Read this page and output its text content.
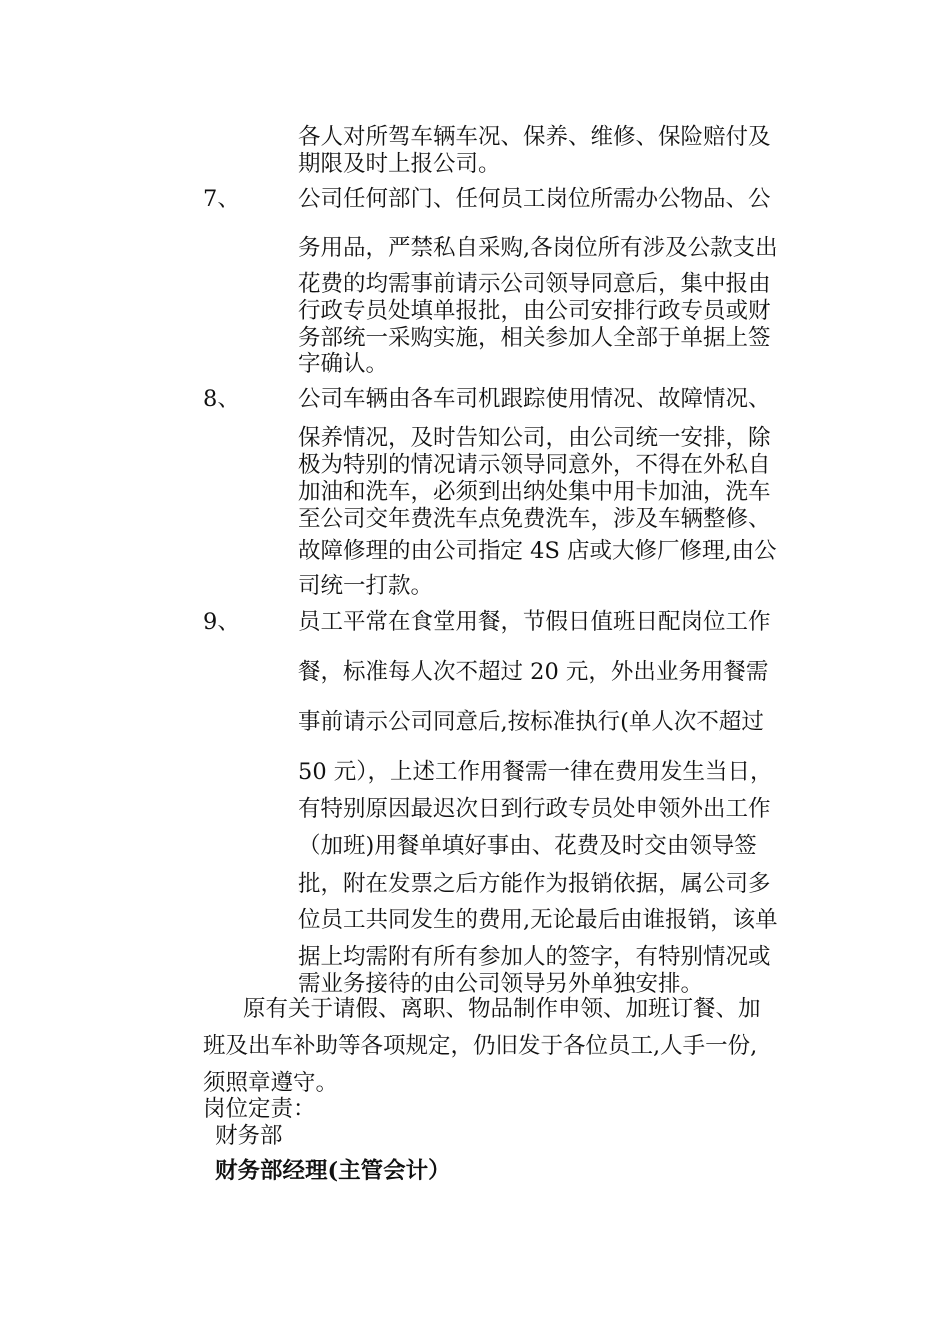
各人对所驾车辆车况、保养、维修、保险赔付及

期限及时上报公司。

7、	公司任何部门、任何员工岗位所需办公物品、公

务用品，严禁私自采购,各岗位所有涉及公款支出

花费的均需事前请示公司领导同意后，集中报由

行政专员处填单报批，由公司安排行政专员或财

务部统一采购实施，相关参加人全部于单据上签

字确认。

8、	公司车辆由各车司机跟踪使用情况、故障情况、

保养情况，及时告知公司，由公司统一安排，除

极为特别的情况请示领导同意外，不得在外私自

加油和洗车，必须到出纳处集中用卡加油，洗车

至公司交年费洗车点免费洗车，涉及车辆整修、

故障修理的由公司指定 4S 店或大修厂修理,由公

司统一打款。

9、	员工平常在食堂用餐，节假日值班日配岗位工作

餐，标准每人次不超过 20 元，外出业务用餐需

事前请示公司同意后,按标准执行(单人次不超过

50 元），上述工作用餐需一律在费用发生当日，

有特别原因最迟次日到行政专员处申领外出工作

（加班)用餐单填好事由、花费及时交由领导签

批，附在发票之后方能作为报销依据，属公司多

位员工共同发生的费用,无论最后由谁报销，该单

据上均需附有所有参加人的签字，有特别情况或

需业务接待的由公司领导另外单独安排。

原有关于请假、离职、物品制作申领、加班订餐、加

班及出车补助等各项规定，仍旧发于各位员工,人手一份,

须照章遵守。

岗位定责：

财务部

财务部经理(主管会计）
